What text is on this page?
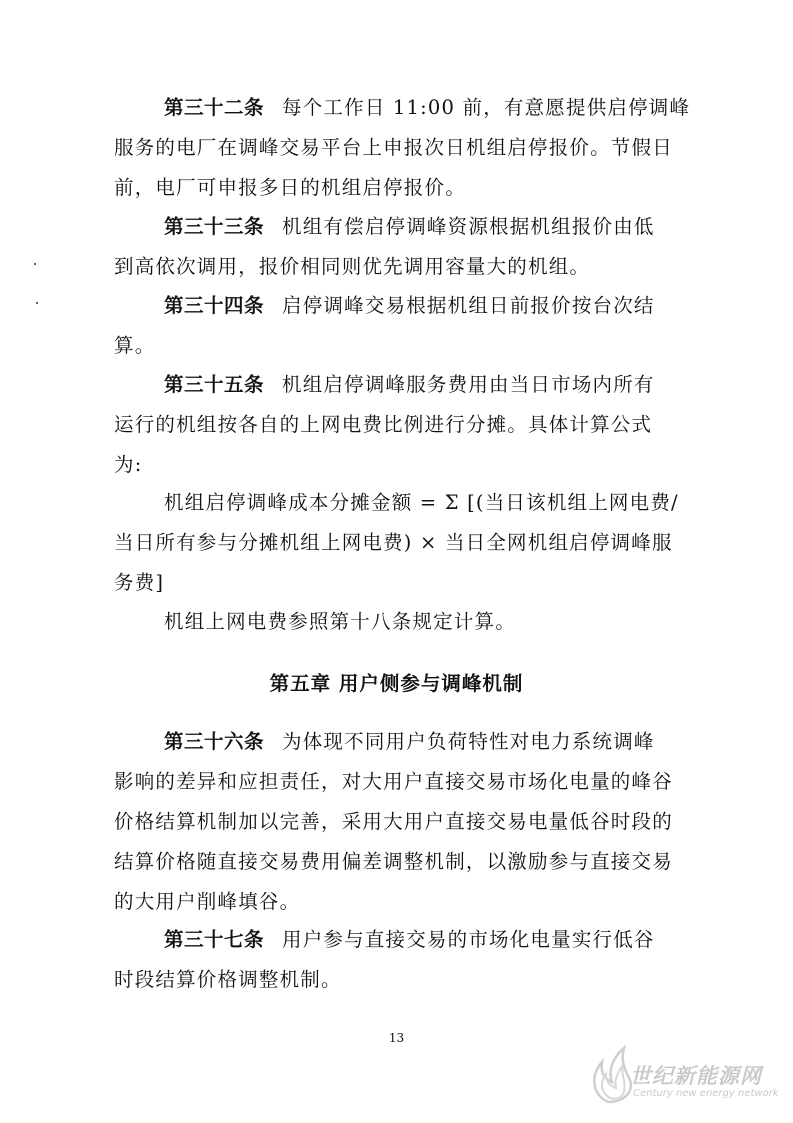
第三十二条 每个工作日 11:00 前，有意愿提供启停调峰
服务的电厂在调峰交易平台上申报次日机组启停报价。节假日
前，电厂可申报多日的机组启停报价。
第三十三条 机组有偿启停调峰资源根据机组报价由低
到高依次调用，报价相同则优先调用容量大的机组。
第三十四条 启停调峰交易根据机组日前报价按台次结
算。
第三十五条 机组启停调峰服务费用由当日市场内所有
运行的机组按各自的上网电费比例进行分摊。具体计算公式
为:
机组启停调峰成本分摊金额 = Σ [(当日该机组上网电费/
当日所有参与分摊机组上网电费) × 当日全网机组启停调峰服
务费]
机组上网电费参照第十八条规定计算。
第五章 用户侧参与调峰机制
第三十六条 为体现不同用户负荷特性对电力系统调峰
影响的差异和应担责任，对大用户直接交易市场化电量的峰谷
价格结算机制加以完善，采用大用户直接交易电量低谷时段的
结算价格随直接交易费用偏差调整机制，以激励参与直接交易
的大用户削峰填谷。
第三十七条 用户参与直接交易的市场化电量实行低谷
时段结算价格调整机制。
13
世纪新能源网
Century new energy network
